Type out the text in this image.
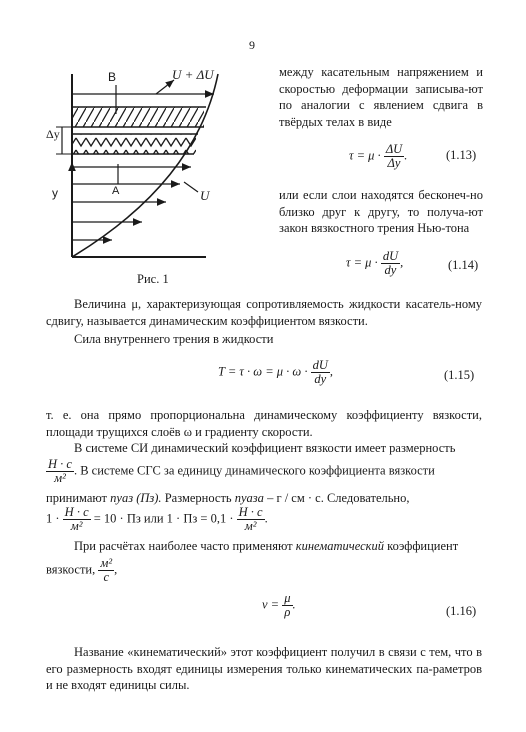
9
B	U + ΔU
Δy
y	A	U
Рис. 1
между касательным напряжением и скоростью деформации записыва-ют по аналогии с явлением сдвига в твёрдых телах в виде
$\tau = \mu \cdot \frac{\Delta U}{\Delta y}$ .	(1.13)
или если слои находятся бесконеч-но близко друг к другу, то получа-ют закон вязкостного трения Нью-тона
$\tau = \mu \cdot \frac{dU}{dy}$ ,	(1.14)
Величина μ, характеризующая сопротивляемость жидкости касатель-ному сдвигу, называется динамическим коэффициентом вязкости.
Сила внутреннего трения в жидкости
$T = \tau \cdot \omega = \mu \cdot \omega \cdot \frac{dU}{dy}$ ,	(1.15)
т. е. она прямо пропорциональна динамическому коэффициенту вязкости, площади трущихся слоёв ω и градиенту скорости.
В системе СИ динамический коэффициент вязкости имеет размерность
$\frac{Н \cdot с}{\text{м²}}$ . В системе СГС за единицу динамического коэффициента вязкости
принимают пуаз (Пз). Размерность пуаза – г / см · с. Следовательно,
$1 \cdot \frac{Н \cdot с}{\text{м²}} = 10$ · Пз или 1 · Пз = $0,1 \cdot \frac{Н \cdot с}{\text{м²}}$ .
При расчётах наиболее часто применяют кинематический коэффициент
вязкости, $\frac{\text{м²}}{с}$ ,
$\nu = \frac{\mu}{\rho}$ .	(1.16)
Название «кинематический» этот коэффициент получил в связи с тем, что в его размерность входят единицы измерения только кинематических па-раметров и не входят единицы силы.
